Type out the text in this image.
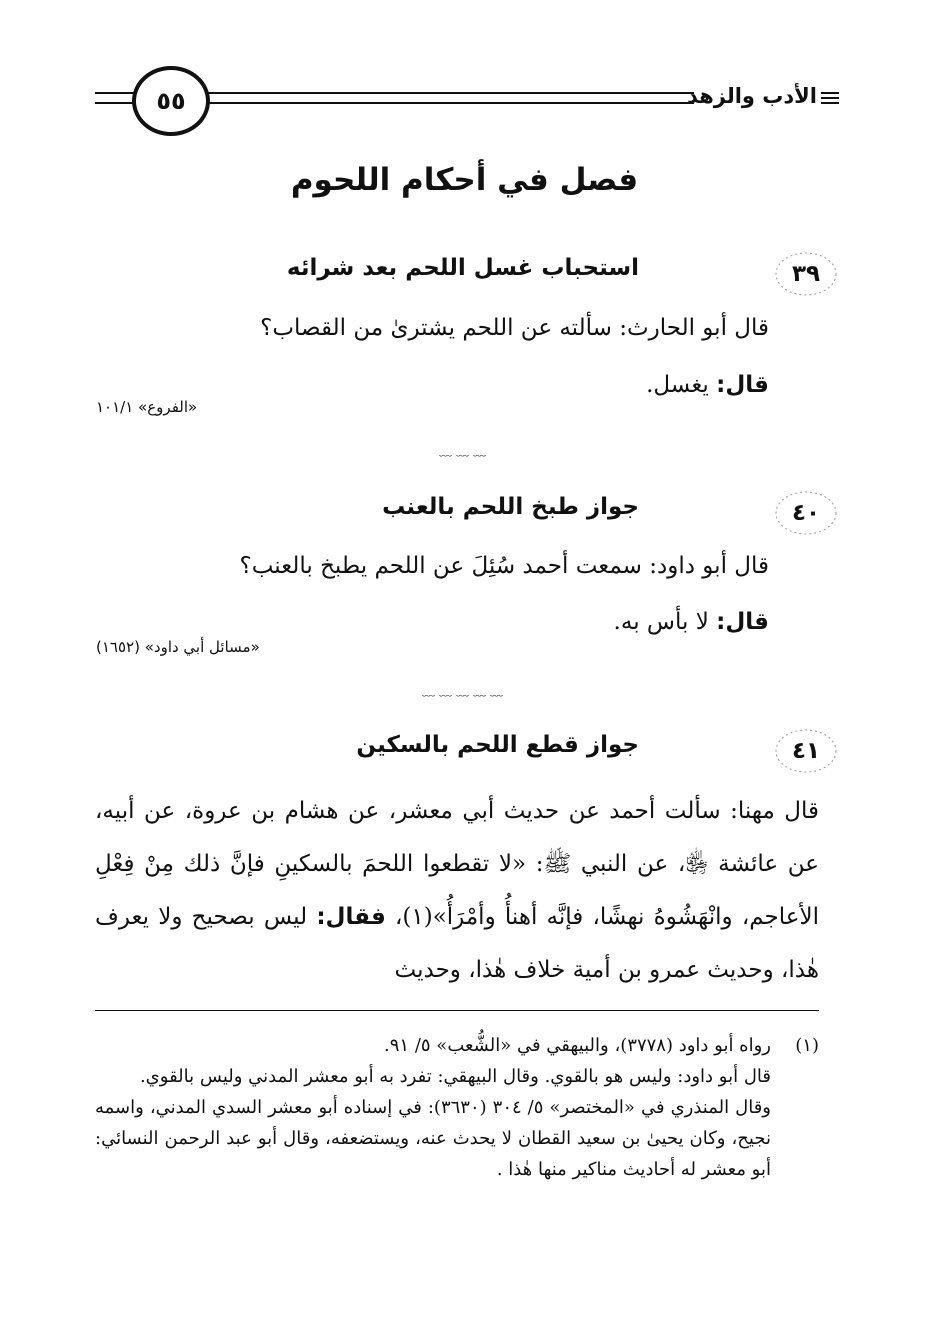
الأدب والزهد
٥٥
فصل في أحكام اللحوم
٣٩
استحباب غسل اللحم بعد شرائه
قال أبو الحارث: سألته عن اللحم يشترىٰ من القصاب؟
قال: يغسل.
«الفروع» ١٠١/١
﹏﹏﹏
٤٠
جواز طبخ اللحم بالعنب
قال أبو داود: سمعت أحمد سُئِلَ عن اللحم يطبخ بالعنب؟
قال: لا بأس به.
«مسائل أبي داود» (١٦٥٢)
﹏﹏﹏﹏﹏
٤١
جواز قطع اللحم بالسكين
قال مهنا: سألت أحمد عن حديث أبي معشر، عن هشام بن عروة، عن أبيه، عن عائشة ﵂، عن النبي ﷺ: «لا تقطعوا اللحمَ بالسكينِ فإنَّ ذلك مِنْ فِعْلِ الأعاجم، وانْهَشُوهُ نهشًا، فإنَّه أهنأُ وأمْرَأُ»(١)، فقال: ليس بصحيح ولا يعرف هٰذا، وحديث عمرو بن أمية خلاف هٰذا، وحديث
(١)رواه أبو داود (٣٧٧٨)، والبيهقي في «الشُّعب» ٥/ ٩١.
قال أبو داود: وليس هو بالقوي. وقال البيهقي: تفرد به أبو معشر المدني وليس بالقوي.
وقال المنذري في «المختصر» ٥/ ٣٠٤ (٣٦٣٠): في إسناده أبو معشر السدي المدني، واسمه نجيح، وكان يحيىٰ بن سعيد القطان لا يحدث عنه، ويستضعفه، وقال أبو عبد الرحمن النسائي: أبو معشر له أحاديث مناكير منها هٰذا .
